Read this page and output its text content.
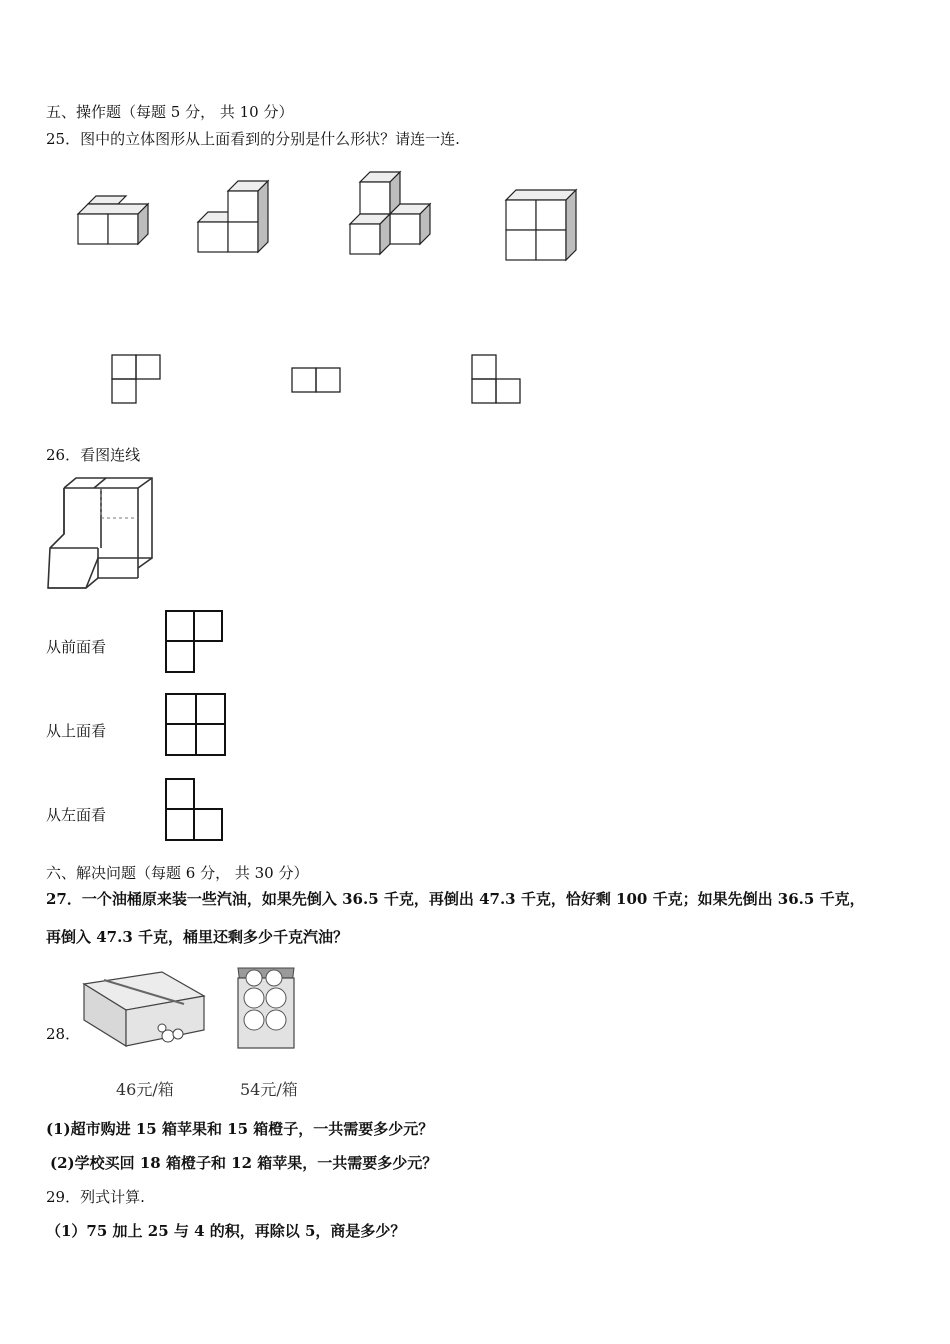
五、操作题（每题 5 分， 共 10 分）
25．图中的立体图形从上面看到的分别是什么形状？请连一连.
26．看图连线
从前面看
从上面看
从左面看
六、解决问题（每题 6 分， 共 30 分）
27．一个油桶原来装一些汽油，如果先倒入 36.5 千克，再倒出 47.3 千克，恰好剩 100 千克；如果先倒出 36.5 千克，
再倒入 47.3 千克，桶里还剩多少千克汽油？
28．
46元/箱	54元/箱
(1)超市购进 15 箱苹果和 15 箱橙子，一共需要多少元？
(2)学校买回 18 箱橙子和 12 箱苹果，一共需要多少元？
29．列式计算.
（1）75 加上 25 与 4 的积，再除以 5，商是多少？
